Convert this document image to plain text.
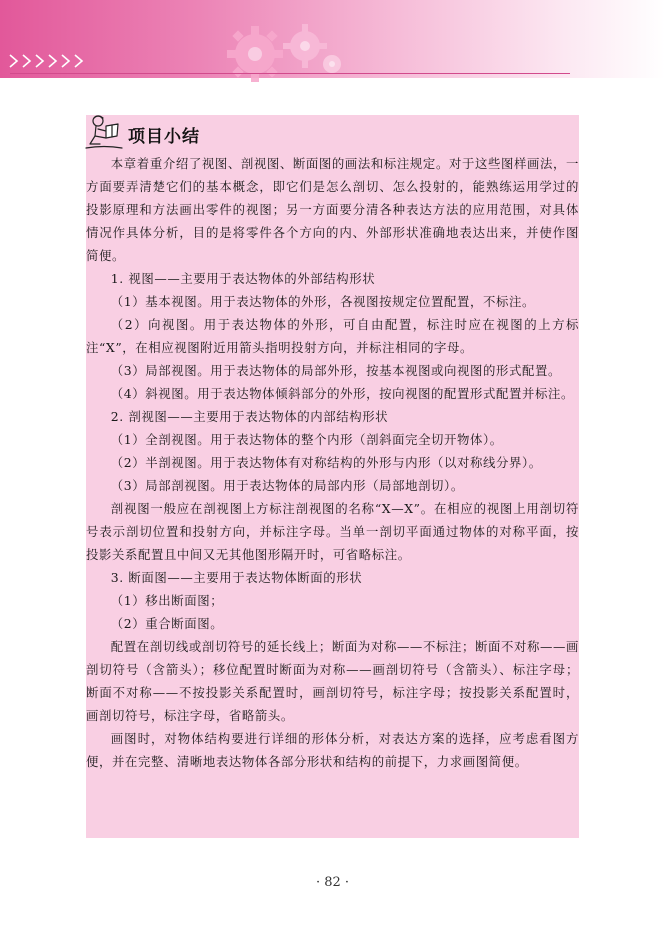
项目小结

本章着重介绍了视图、剖视图、断面图的画法和标注规定。对于这些图样画法，一方面要弄清楚它们的基本概念，即它们是怎么剖切、怎么投射的，能熟练运用学过的投影原理和方法画出零件的视图；另一方面要分清各种表达方法的应用范围，对具体情况作具体分析，目的是将零件各个方向的内、外部形状准确地表达出来，并使作图简便。

1. 视图——主要用于表达物体的外部结构形状

（1）基本视图。用于表达物体的外形，各视图按规定位置配置，不标注。

（2）向视图。用于表达物体的外形，可自由配置，标注时应在视图的上方标注“X”，在相应视图附近用箭头指明投射方向，并标注相同的字母。

（3）局部视图。用于表达物体的局部外形，按基本视图或向视图的形式配置。

（4）斜视图。用于表达物体倾斜部分的外形，按向视图的配置形式配置并标注。

2. 剖视图——主要用于表达物体的内部结构形状

（1）全剖视图。用于表达物体的整个内形（剖斜面完全切开物体）。

（2）半剖视图。用于表达物体有对称结构的外形与内形（以对称线分界）。

（3）局部剖视图。用于表达物体的局部内形（局部地剖切）。

剖视图一般应在剖视图上方标注剖视图的名称“X—X”。在相应的视图上用剖切符号表示剖切位置和投射方向，并标注字母。当单一剖切平面通过物体的对称平面，按投影关系配置且中间又无其他图形隔开时，可省略标注。

3. 断面图——主要用于表达物体断面的形状

（1）移出断面图；

（2）重合断面图。

配置在剖切线或剖切符号的延长线上；断面为对称——不标注；断面不对称——画剖切符号（含箭头）；移位配置时断面为对称——画剖切符号（含箭头）、标注字母；断面不对称——不按投影关系配置时，画剖切符号，标注字母；按投影关系配置时，画剖切符号，标注字母，省略箭头。

画图时，对物体结构要进行详细的形体分析，对表达方案的选择，应考虑看图方便，并在完整、清晰地表达物体各部分形状和结构的前提下，力求画图简便。

· 82 ·
